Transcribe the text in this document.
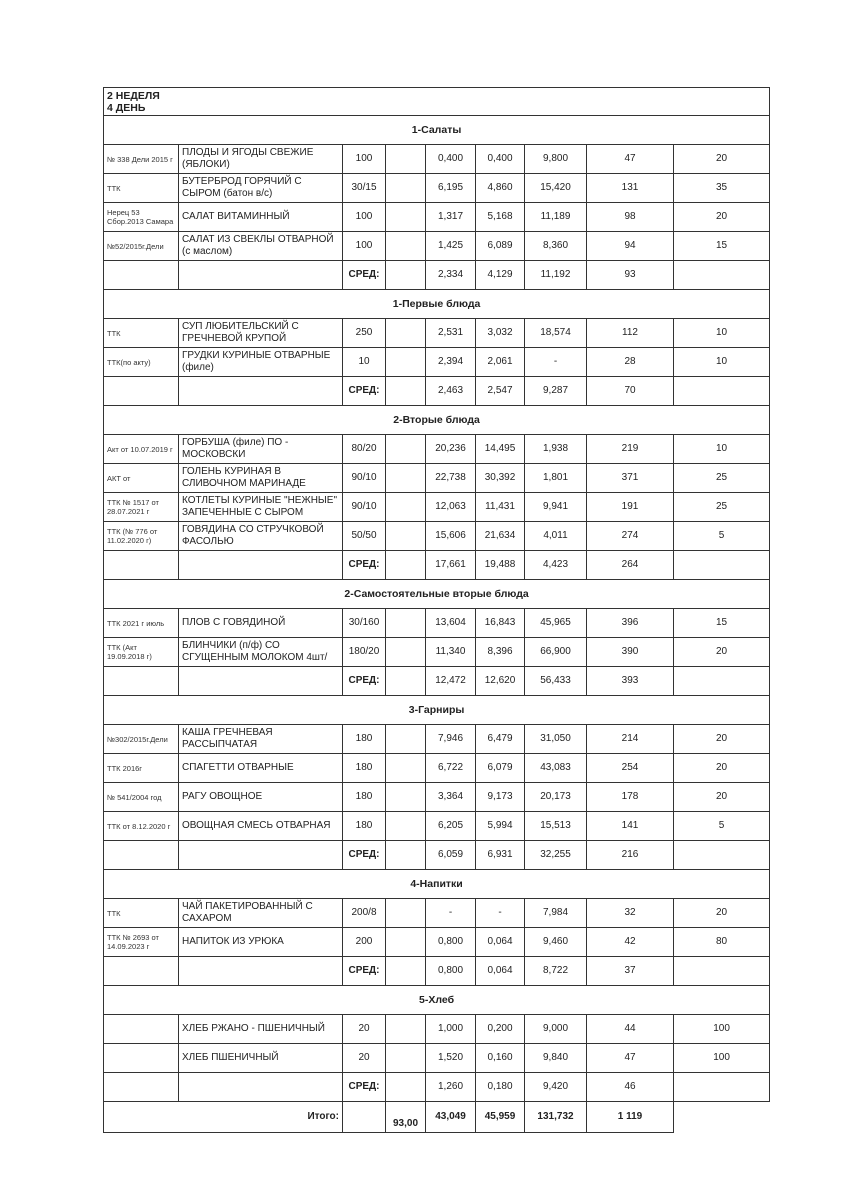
2 НЕДЕЛЯ
4 ДЕНЬ								

1-Салаты								
№ 338 Дели 2015 г	ПЛОДЫ И ЯГОДЫ СВЕЖИЕ (ЯБЛОКИ)	100		0,400	0,400	9,800	47	20
ТТК	БУТЕРБРОД ГОРЯЧИЙ С СЫРОМ (батон в/с)	30/15		6,195	4,860	15,420	131	35
Нерец 53 Сбор.2013 Самара	САЛАТ ВИТАМИННЫЙ	100		1,317	5,168	11,189	98	20
№52/2015г.Дели	САЛАТ ИЗ СВЕКЛЫ ОТВАРНОЙ (с маслом)	100		1,425	6,089	8,360	94	15
		СРЕД:		2,334	4,129	11,192	93	
1-Первые блюда								
ТТК	СУП ЛЮБИТЕЛЬСКИЙ С ГРЕЧНЕВОЙ КРУПОЙ	250		2,531	3,032	18,574	112	10
ТТК(по акту)	ГРУДКИ КУРИНЫЕ ОТВАРНЫЕ (филе)	10		2,394	2,061	-	28	10
		СРЕД:		2,463	2,547	9,287	70	
2-Вторые блюда								
Акт от 10.07.2019 г	ГОРБУША (филе) ПО - МОСКОВСКИ	80/20		20,236	14,495	1,938	219	10
АКТ от	ГОЛЕНЬ КУРИНАЯ В СЛИВОЧНОМ МАРИНАДЕ	90/10		22,738	30,392	1,801	371	25
ТТК № 1517 от 28.07.2021 г	КОТЛЕТЫ КУРИНЫЕ "НЕЖНЫЕ" ЗАПЕЧЕННЫЕ С СЫРОМ	90/10		12,063	11,431	9,941	191	25
ТТК (№ 776 от 11.02.2020 г)	ГОВЯДИНА СО СТРУЧКОВОЙ ФАСОЛЬЮ	50/50		15,606	21,634	4,011	274	5
		СРЕД:		17,661	19,488	4,423	264	
2-Самостоятельные вторые блюда								
ТТК 2021 г июль	ПЛОВ С ГОВЯДИНОЙ	30/160		13,604	16,843	45,965	396	15
ТТК (Акт 19.09.2018 г)	БЛИНЧИКИ (п/ф) СО СГУЩЕННЫМ МОЛОКОМ 4шт/	180/20		11,340	8,396	66,900	390	20
		СРЕД:		12,472	12,620	56,433	393	
3-Гарниры								
№302/2015г.Дели	КАША ГРЕЧНЕВАЯ РАССЫПЧАТАЯ	180		7,946	6,479	31,050	214	20
ТТК 2016г	СПАГЕТТИ ОТВАРНЫЕ	180		6,722	6,079	43,083	254	20
№ 541/2004 год	РАГУ ОВОЩНОЕ	180		3,364	9,173	20,173	178	20
ТТК от 8.12.2020 г	ОВОЩНАЯ СМЕСЬ ОТВАРНАЯ	180		6,205	5,994	15,513	141	5
		СРЕД:		6,059	6,931	32,255	216	
4-Напитки								
ТТК	ЧАЙ ПАКЕТИРОВАННЫЙ С САХАРОМ	200/8		-	-	7,984	32	20
ТТК № 2693 от 14.09.2023 г	НАПИТОК ИЗ УРЮКА	200		0,800	0,064	9,460	42	80
		СРЕД:		0,800	0,064	8,722	37	
5-Хлеб								
	ХЛЕБ РЖАНО - ПШЕНИЧНЫЙ	20		1,000	0,200	9,000	44	100
	ХЛЕБ ПШЕНИЧНЫЙ	20		1,520	0,160	9,840	47	100
		СРЕД:		1,260	0,180	9,420	46	
Итого:			93,00	43,049	45,959	131,732	1 119	
